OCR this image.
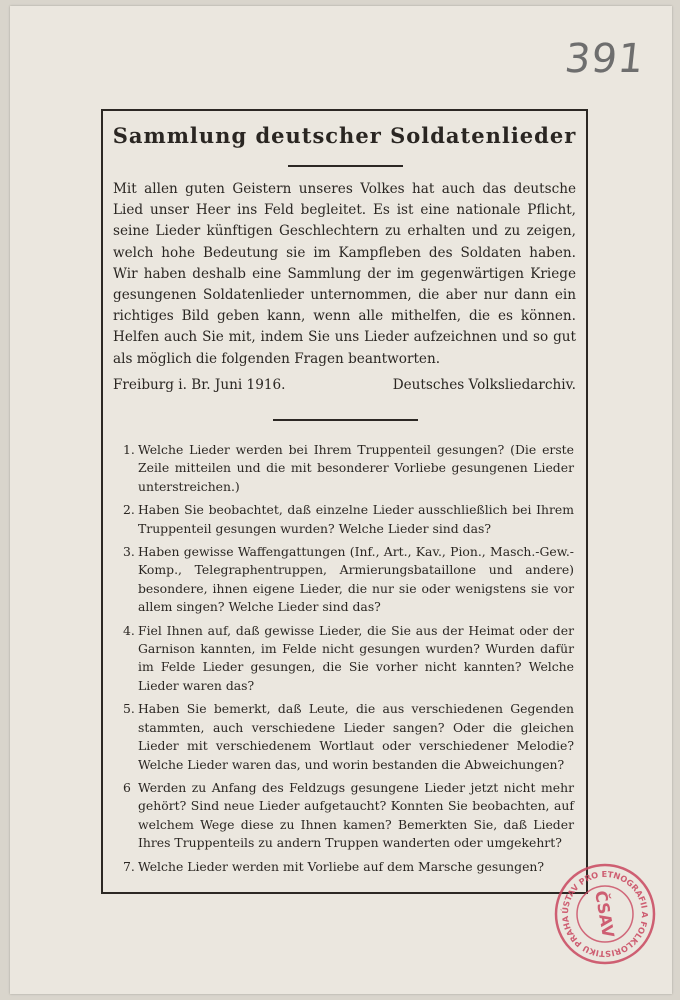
391
Sammlung deutscher Soldatenlieder

Mit allen guten Geistern unseres Volkes hat auch das deutsche Lied unser Heer ins Feld begleitet. Es ist eine nationale Pflicht, seine Lieder künftigen Geschlechtern zu erhalten und zu zeigen, welch hohe Bedeutung sie im Kampfleben des Soldaten haben. Wir haben deshalb eine Sammlung der im gegenwärtigen Kriege gesungenen Soldatenlieder unternommen, die aber nur dann ein richtiges Bild geben kann, wenn alle mithelfen, die es können. Helfen auch Sie mit, indem Sie uns Lieder aufzeichnen und so gut als möglich die folgenden Fragen beantworten.

Freiburg i. Br. Juni 1916.	Deutsches Volksliedarchiv.
1. Welche Lieder werden bei Ihrem Truppenteil gesungen? (Die erste Zeile mitteilen und die mit besonderer Vorliebe gesungenen Lieder unterstreichen.)
2. Haben Sie beobachtet, daß einzelne Lieder ausschließlich bei Ihrem Truppenteil gesungen wurden? Welche Lieder sind das?
3. Haben gewisse Waffengattungen (Inf., Art., Kav., Pion., Masch.-Gew.-Komp., Telegraphentruppen, Armierungsbataillone und andere) besondere, ihnen eigene Lieder, die nur sie oder wenigstens sie vor allem singen? Welche Lieder sind das?
4. Fiel Ihnen auf, daß gewisse Lieder, die Sie aus der Heimat oder der Garnison kannten, im Felde nicht gesungen wurden? Wurden dafür im Felde Lieder gesungen, die Sie vorher nicht kannten? Welche Lieder waren das?
5. Haben Sie bemerkt, daß Leute, die aus verschiedenen Gegenden stammten, auch verschiedene Lieder sangen? Oder die gleichen Lieder mit verschiedenem Wortlaut oder verschiedener Melodie? Welche Lieder waren das, und worin bestanden die Abweichungen?
6 Werden zu Anfang des Feldzugs gesungene Lieder jetzt nicht mehr gehört? Sind neue Lieder aufgetaucht? Konnten Sie beobachten, auf welchem Wege diese zu Ihnen kamen? Bemerkten Sie, daß Lieder Ihres Truppenteils zu andern Truppen wanderten oder umgekehrt?
7. Welche Lieder werden mit Vorliebe auf dem Marsche gesungen?
ÚSTAV PRO ETNOGRAFII A FOLKLORISTIKU PRAHA	ČSAV
